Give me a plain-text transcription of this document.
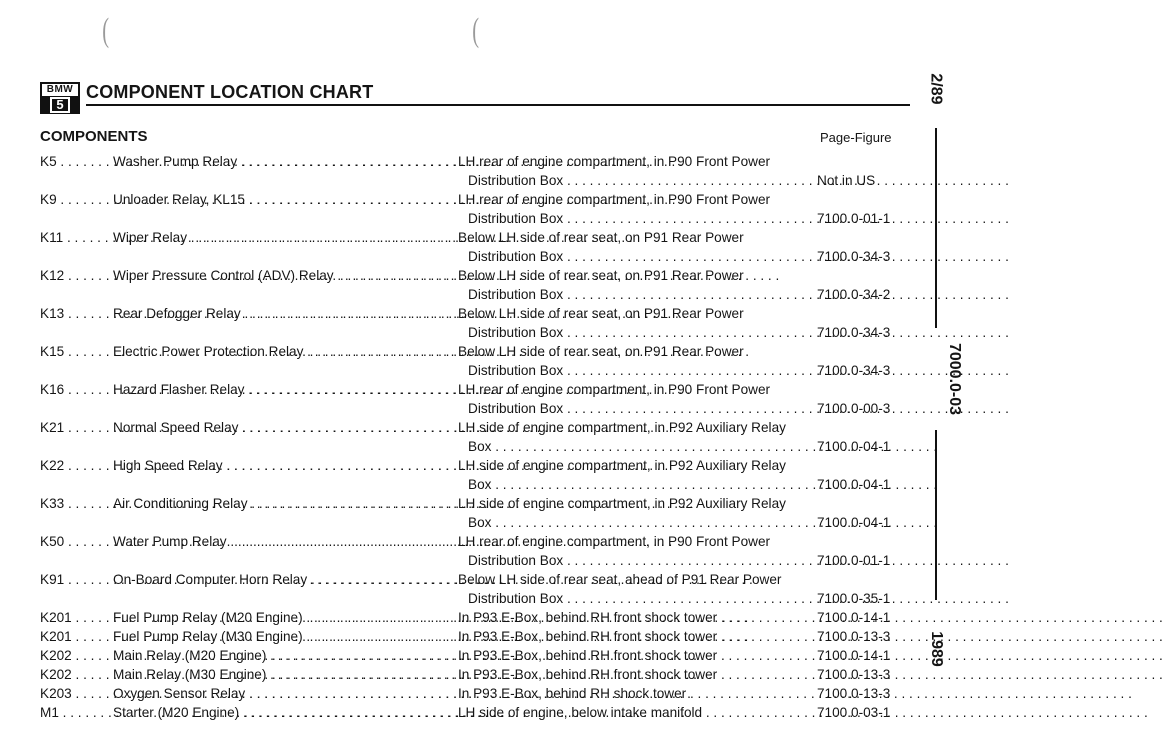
(	(
BMW
5
COMPONENT LOCATION CHART
COMPONENTS	Page-Figure
K5 . . .	Washer Pump Relay . . .	LH rear of engine compartment, in P90 Front Power
Distribution Box . . .	Not in US
K9 . . .	Unloader Relay, KL15 . . .	LH rear of engine compartment, in P90 Front Power
Distribution Box . . .	7100.0-01-1
K11 . . .	Wiper Relay . . .	Below LH side of rear seat, on P91 Rear Power
Distribution Box . . .	7100.0-34-3
K12 . . .	Wiper Pressure Control (ADV) Relay . . .	Below LH side of rear seat, on P91 Rear Power
Distribution Box . . .	7100.0-34-2
K13 . . .	Rear Defogger Relay . . .	Below LH side of rear seat, on P91 Rear Power
Distribution Box . . .	7100.0-34-3
K15 . . .	Electric Power Protection Relay . . .	Below LH side of rear seat, on P91 Rear Power
Distribution Box . . .	7100.0-34-3
K16 . . .	Hazard Flasher Relay . . .	LH rear of engine compartment, in P90 Front Power
Distribution Box . . .	7100.0-00-3
K21 . . .	Normal Speed Relay . . .	LH side of engine compartment, in P92 Auxiliary Relay
Box . . .	7100.0-04-1
K22 . . .	High Speed Relay . . .	LH side of engine compartment, in P92 Auxiliary Relay
Box . . .	7100.0-04-1
K33 . . .	Air Conditioning Relay . . .	LH side of engine compartment, in P92 Auxiliary Relay
Box . . .	7100.0-04-1
K50 . . .	Water Pump Relay . . .	LH rear of engine compartment, in P90 Front Power
Distribution Box . . .	7100.0-01-1
K91 . . .	On-Board Computer Horn Relay . . .	Below LH side of rear seat, ahead of P91 Rear Power
Distribution Box . . .	7100.0-35-1
K201 . . .	Fuel Pump Relay (M20 Engine) . . .	In P93 E-Box, behind RH front shock tower . . .	7100.0-14-1
K201 . . .	Fuel Pump Relay (M30 Engine) . . .	In P93 E-Box, behind RH front shock tower . . .	7100.0-13-3
K202 . . .	Main Relay (M20 Engine) . . .	In P93 E-Box, behind RH front shock tower . . .	7100.0-14-1
K202 . . .	Main Relay (M30 Engine) . . .	In P93 E-Box, behind RH front shock tower . . .	7100.0-13-3
K203 . . .	Oxygen Sensor Relay . . .	In P93 E-Box, behind RH shock tower . . .	7100.0-13-3
M1 . . .	Starter (M20 Engine) . . .	LH side of engine, below intake manifold . . .	7100.0-03-1
2/89
7000.0-03
1989
